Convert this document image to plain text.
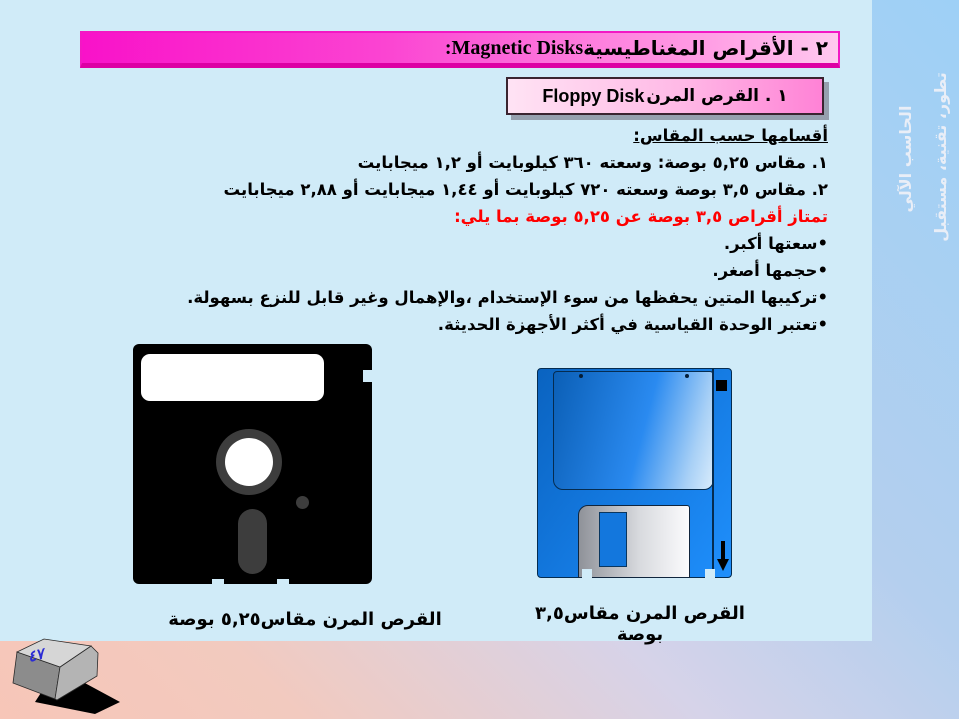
٢ - الأقراص المغناطيسية
Magnetic Disks:
١ . القرص المرن
Floppy Disk
أقسامها حسب المقاس:
١. مقاس ٥,٢٥ بوصة: وسعته ٣٦٠ كيلوبايت أو ١,٢ ميجابايت
٢. مقاس ٣,٥ بوصة وسعته ٧٢٠ كيلوبايت أو ١,٤٤ ميجابايت أو ٢,٨٨ ميجابايت
تمتاز أقراص ٣,٥ بوصة عن ٥,٢٥ بوصة بما يلي:
•سعتها أكبر.
•حجمها أصغر.
•تركيبها المتين يحفظها من سوء الإستخدام ،والإهمال وغير قابل للنزع بسهولة.
•تعتبر الوحدة القياسية في أكثر الأجهزة الحديثة.
القرص المرن مقاس٣,٥ بوصة
القرص المرن مقاس٥,٢٥ بوصة
تطور، تقنية، مستقبل
الحاسب الآلي
٤٧
